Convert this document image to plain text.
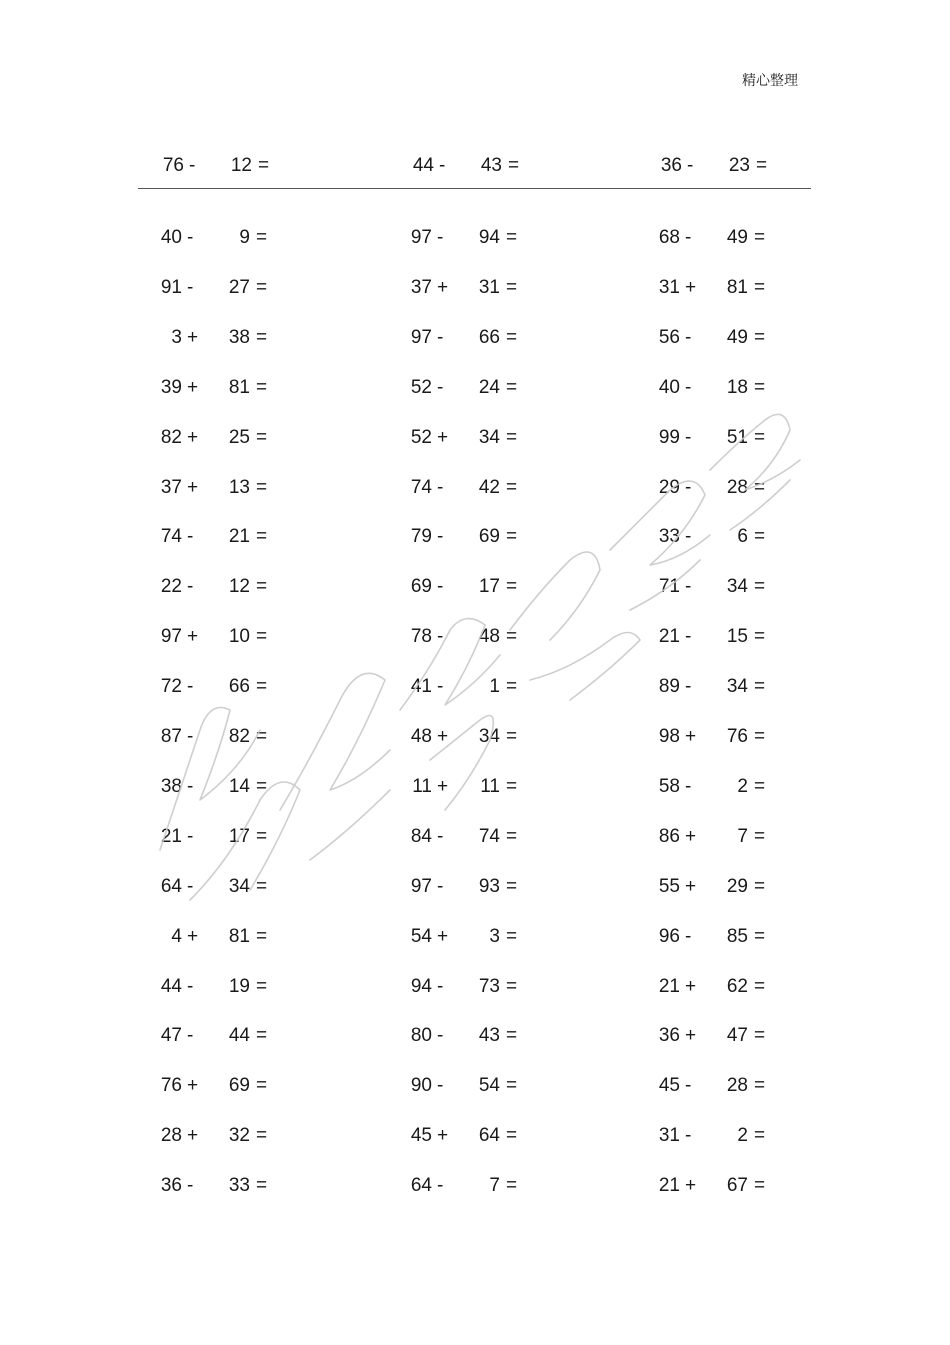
精心整理
76 -	12 =	44 -	43 =	36 -	23 =
40 -	9 =	97 -	94 =	68 -	49 =
91 -	27 =	37 +	31 =	31 +	81 =
3 +	38 =	97 -	66 =	56 -	49 =
39 +	81 =	52 -	24 =	40 -	18 =
82 +	25 =	52 +	34 =	99 -	51 =
37 +	13 =	74 -	42 =	29 -	28 =
74 -	21 =	79 -	69 =	33 -	6 =
22 -	12 =	69 -	17 =	71 -	34 =
97 +	10 =	78 -	48 =	21 -	15 =
72 -	66 =	41 -	1 =	89 -	34 =
87 -	82 =	48 +	34 =	98 +	76 =
38 -	14 =	11 +	11 =	58 -	2 =
21 -	17 =	84 -	74 =	86 +	7 =
64 -	34 =	97 -	93 =	55 +	29 =
4 +	81 =	54 +	3 =	96 -	85 =
44 -	19 =	94 -	73 =	21 +	62 =
47 -	44 =	80 -	43 =	36 +	47 =
76 +	69 =	90 -	54 =	45 -	28 =
28 +	32 =	45 +	64 =	31 -	2 =
36 -	33 =	64 -	7 =	21 +	67 =
